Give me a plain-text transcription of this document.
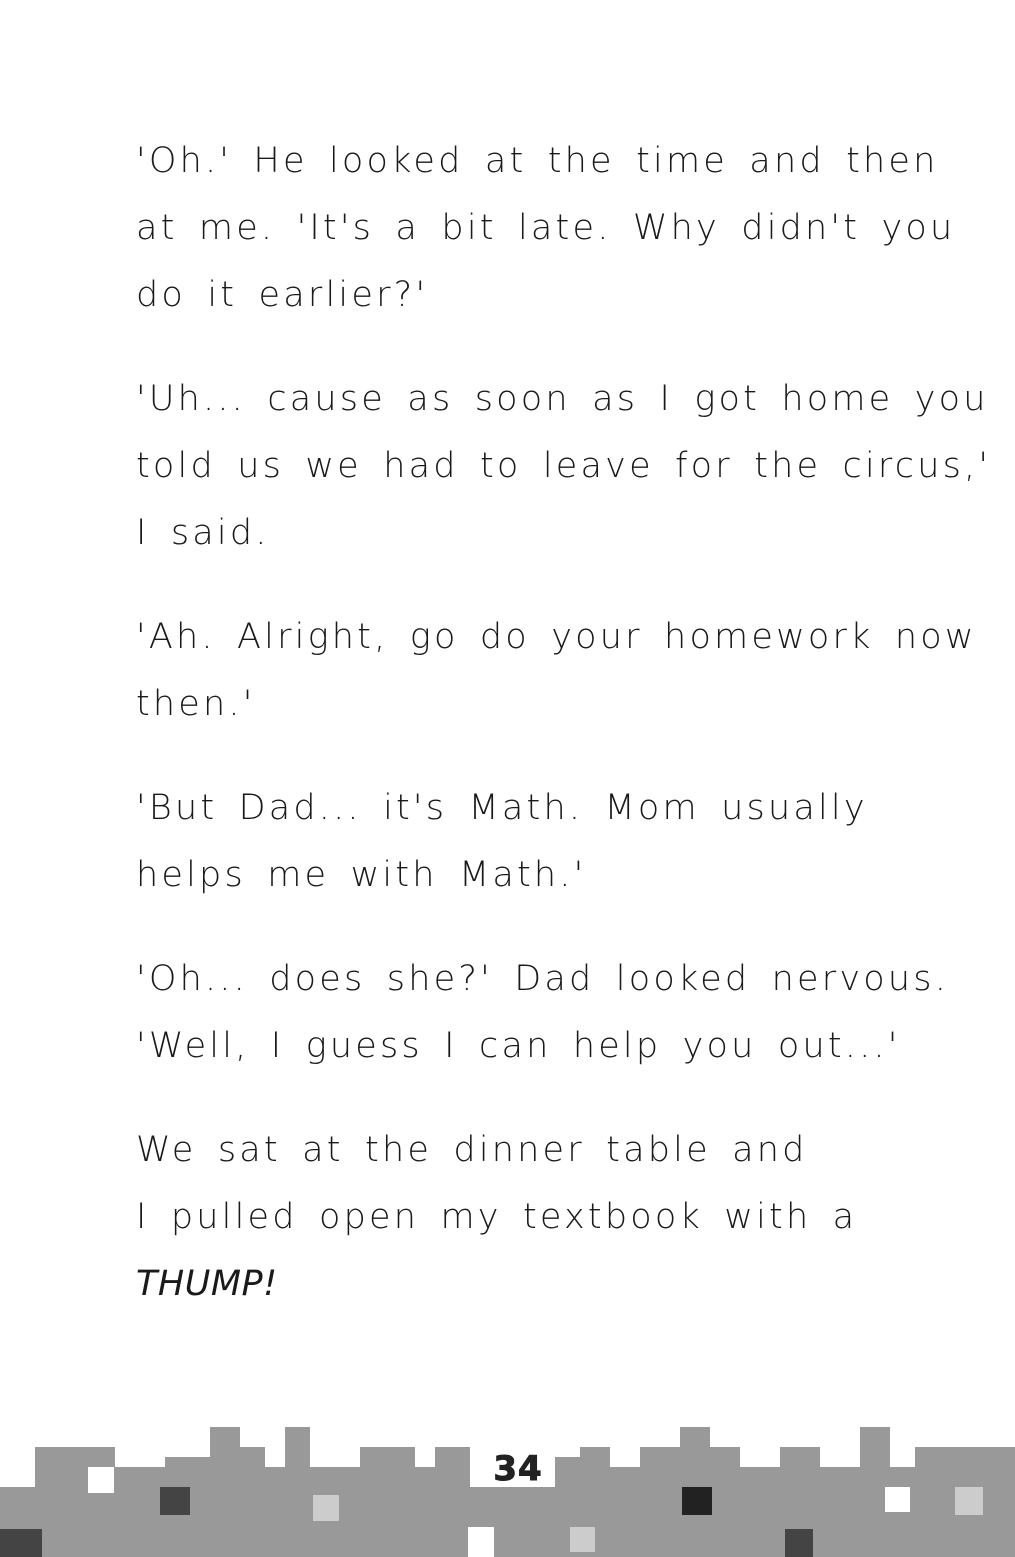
'Oh.' He looked at the time and then
at me. 'It's a bit late. Why didn't you
do it earlier?'

'Uh... cause as soon as I got home you
told us we had to leave for the circus,'
I said.

'Ah. Alright, go do your homework now
then.'

'But Dad... it's Math. Mom usually
helps me with Math.'

'Oh... does she?' Dad looked nervous.
'Well, I guess I can help you out...'

We sat at the dinner table and
I pulled open my textbook with a
THUMP!

34
